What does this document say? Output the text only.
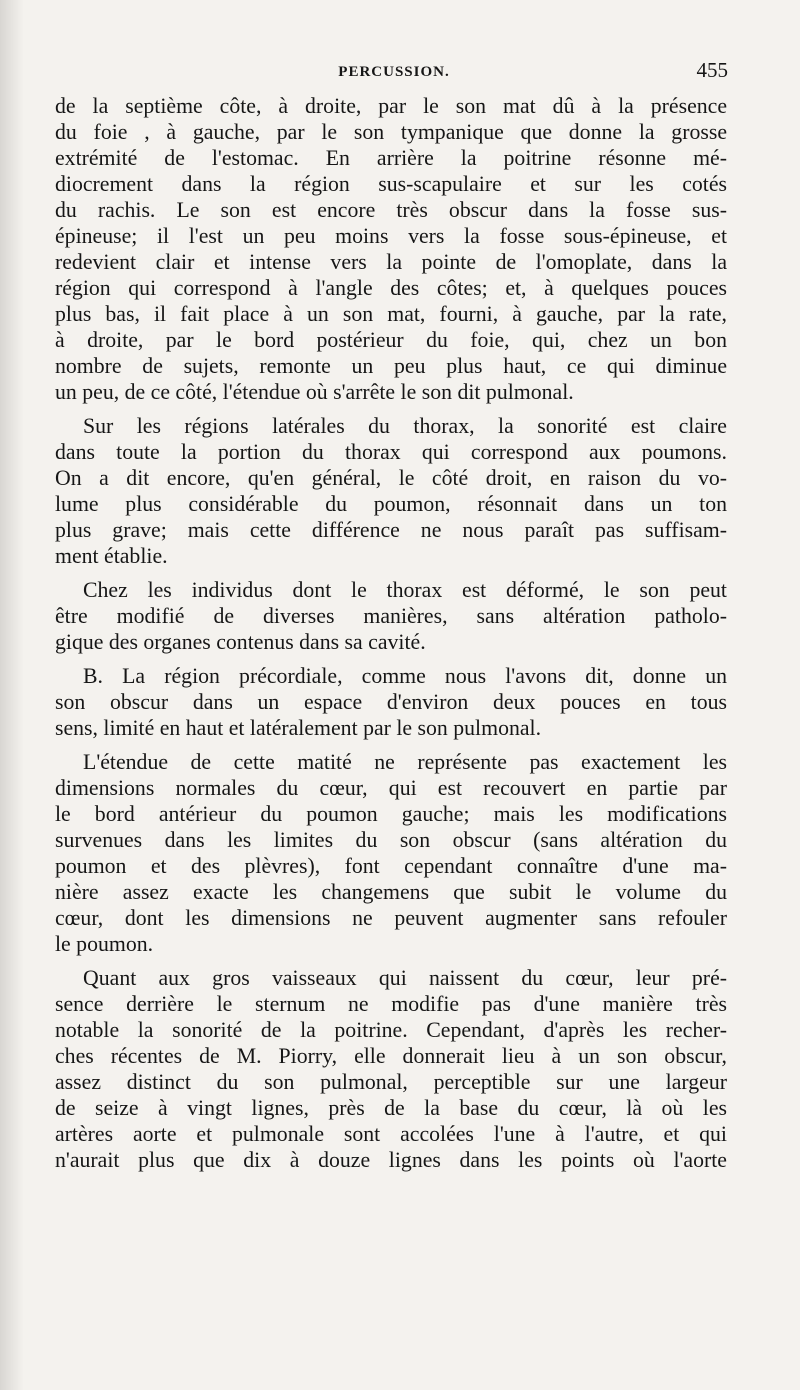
PERCUSSION.	455
de la septième côte, à droite, par le son mat dû à la présence
du foie , à gauche, par le son tympanique que donne la grosse
extrémité de l'estomac. En arrière la poitrine résonne mé-
diocrement dans la région sus-scapulaire et sur les cotés
du rachis. Le son est encore très obscur dans la fosse sus-
épineuse; il l'est un peu moins vers la fosse sous-épineuse, et
redevient clair et intense vers la pointe de l'omoplate, dans la
région qui correspond à l'angle des côtes; et, à quelques pouces
plus bas, il fait place à un son mat, fourni, à gauche, par la rate,
à droite, par le bord postérieur du foie, qui, chez un bon
nombre de sujets, remonte un peu plus haut, ce qui diminue
un peu, de ce côté, l'étendue où s'arrête le son dit pulmonal.
Sur les régions latérales du thorax, la sonorité est claire
dans toute la portion du thorax qui correspond aux poumons.
On a dit encore, qu'en général, le côté droit, en raison du vo-
lume plus considérable du poumon, résonnait dans un ton
plus grave; mais cette différence ne nous paraît pas suffisam-
ment établie.
Chez les individus dont le thorax est déformé, le son peut
être modifié de diverses manières, sans altération patholo-
gique des organes contenus dans sa cavité.
B. La région précordiale, comme nous l'avons dit, donne un
son obscur dans un espace d'environ deux pouces en tous
sens, limité en haut et latéralement par le son pulmonal.
L'étendue de cette matité ne représente pas exactement les
dimensions normales du cœur, qui est recouvert en partie par
le bord antérieur du poumon gauche; mais les modifications
survenues dans les limites du son obscur (sans altération du
poumon et des plèvres), font cependant connaître d'une ma-
nière assez exacte les changemens que subit le volume du
cœur, dont les dimensions ne peuvent augmenter sans refouler
le poumon.
Quant aux gros vaisseaux qui naissent du cœur, leur pré-
sence derrière le sternum ne modifie pas d'une manière très
notable la sonorité de la poitrine. Cependant, d'après les recher-
ches récentes de M. Piorry, elle donnerait lieu à un son obscur,
assez distinct du son pulmonal, perceptible sur une largeur
de seize à vingt lignes, près de la base du cœur, là où les
artères aorte et pulmonale sont accolées l'une à l'autre, et qui
n'aurait plus que dix à douze lignes dans les points où l'aorte
